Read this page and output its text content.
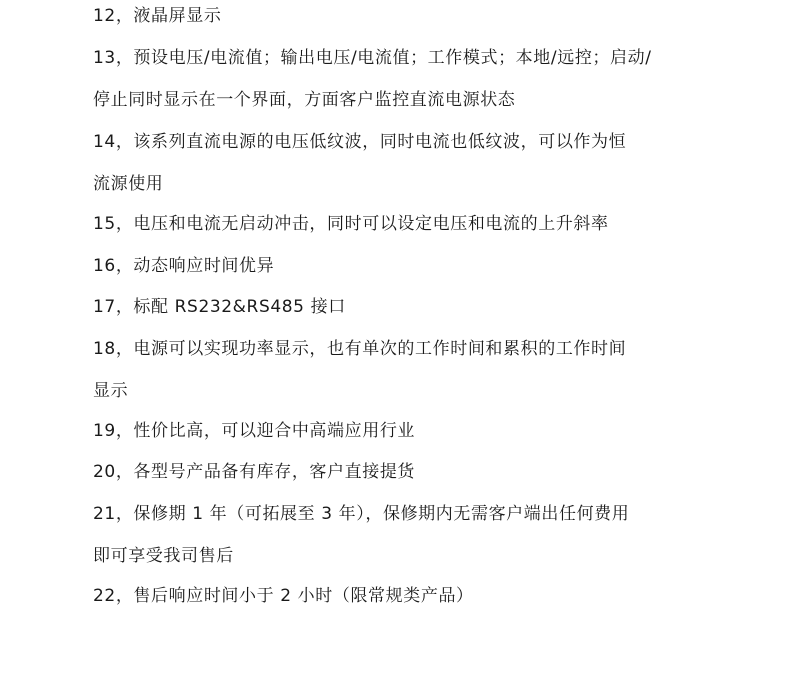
12，液晶屏显示
13，预设电压/电流值；输出电压/电流值；工作模式；本地/远控；启动/
停止同时显示在一个界面，方面客户监控直流电源状态
14，该系列直流电源的电压低纹波，同时电流也低纹波，可以作为恒
流源使用
15，电压和电流无启动冲击，同时可以设定电压和电流的上升斜率
16，动态响应时间优异
17，标配 RS232&RS485 接口
18，电源可以实现功率显示，也有单次的工作时间和累积的工作时间
显示
19，性价比高，可以迎合中高端应用行业
20，各型号产品备有库存，客户直接提货
21，保修期 1 年（可拓展至 3 年），保修期内无需客户端出任何费用
即可享受我司售后
22，售后响应时间小于 2 小时（限常规类产品）
